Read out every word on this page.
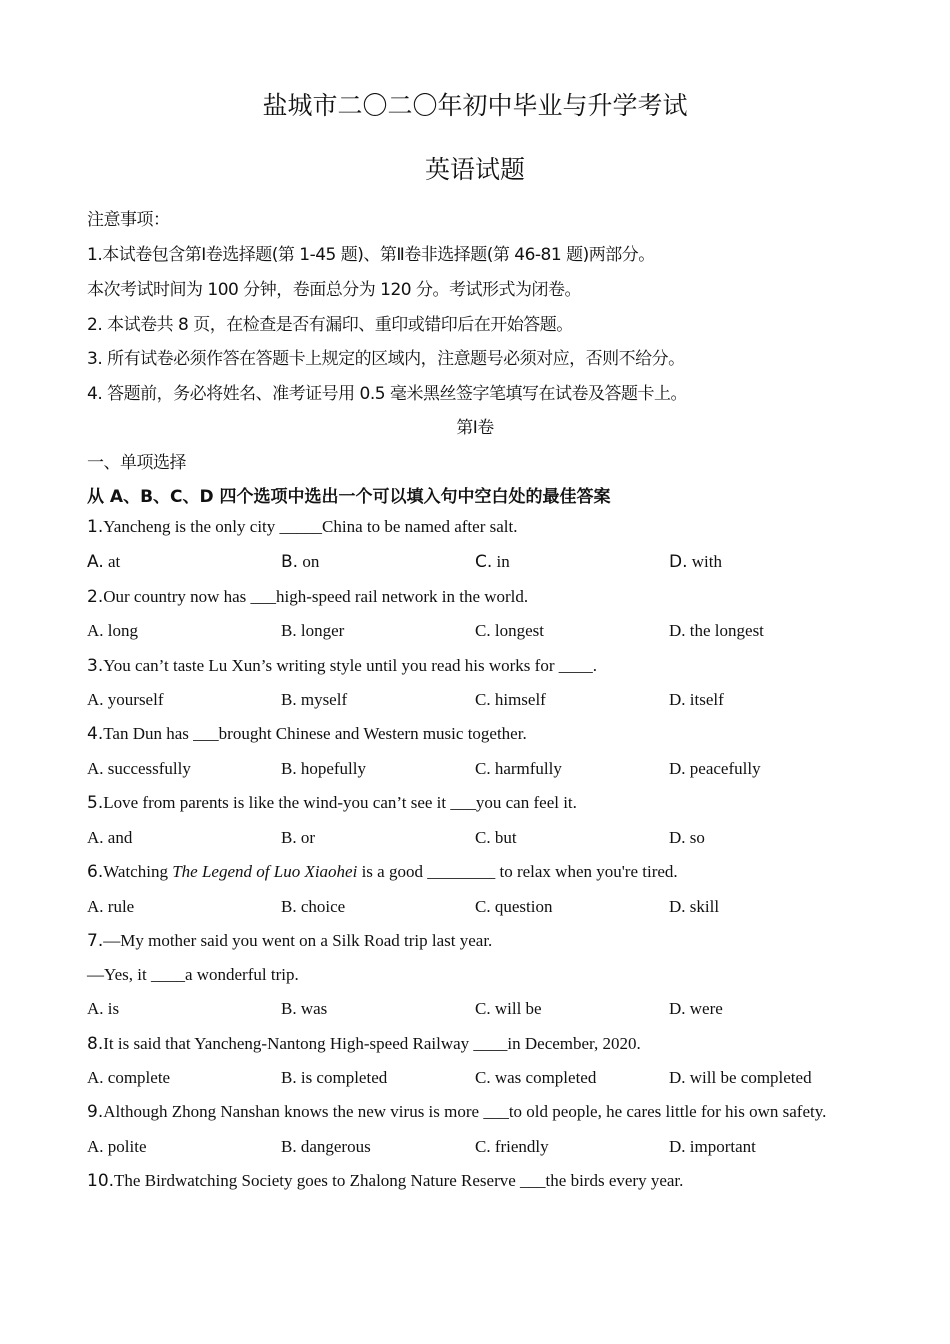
盐城市二〇二〇年初中毕业与升学考试
英语试题
注意事项：
1.本试卷包含第Ⅰ卷选择题(第 1-45 题)、第Ⅱ卷非选择题(第 46-81 题)两部分。
本次考试时间为 100 分钟，卷面总分为 120 分。考试形式为闭卷。
2. 本试卷共 8 页，在检查是否有漏印、重印或错印后在开始答题。
3. 所有试卷必须作答在答题卡上规定的区域内，注意题号必须对应，否则不给分。
4. 答题前，务必将姓名、准考证号用 0.5 毫米黑丝签字笔填写在试卷及答题卡上。
第Ⅰ卷
一、单项选择
从 A、B、C、D 四个选项中选出一个可以填入句中空白处的最佳答案
1.Yancheng is the only city _____China to be named after salt.
A. at	B. on	C. in	D. with
2.Our country now has ___high-speed rail network in the world.
A. long	B. longer	C. longest	D. the longest
3.You can’t taste Lu Xun’s writing style until you read his works for ____.
A. yourself	B. myself	C. himself	D. itself
4.Tan Dun has ___brought Chinese and Western music together.
A. successfully	B. hopefully	C. harmfully	D. peacefully
5.Love from parents is like the wind-you can’t see it ___you can feel it.
A. and	B. or	C. but	D. so
6.Watching The Legend of Luo Xiaohei is a good ________ to relax when you're tired.
A. rule	B. choice	C. question	D. skill
7.—My mother said you went on a Silk Road trip last year.
—Yes, it ____a wonderful trip.
A. is	B. was	C. will be	D. were
8.It is said that Yancheng-Nantong High-speed Railway ____in December, 2020.
A. complete	B. is completed	C. was completed	D. will be completed
9.Although Zhong Nanshan knows the new virus is more ___to old people, he cares little for his own safety.
A. polite	B. dangerous	C. friendly	D. important
10.The Birdwatching Society goes to Zhalong Nature Reserve ___the birds every year.
